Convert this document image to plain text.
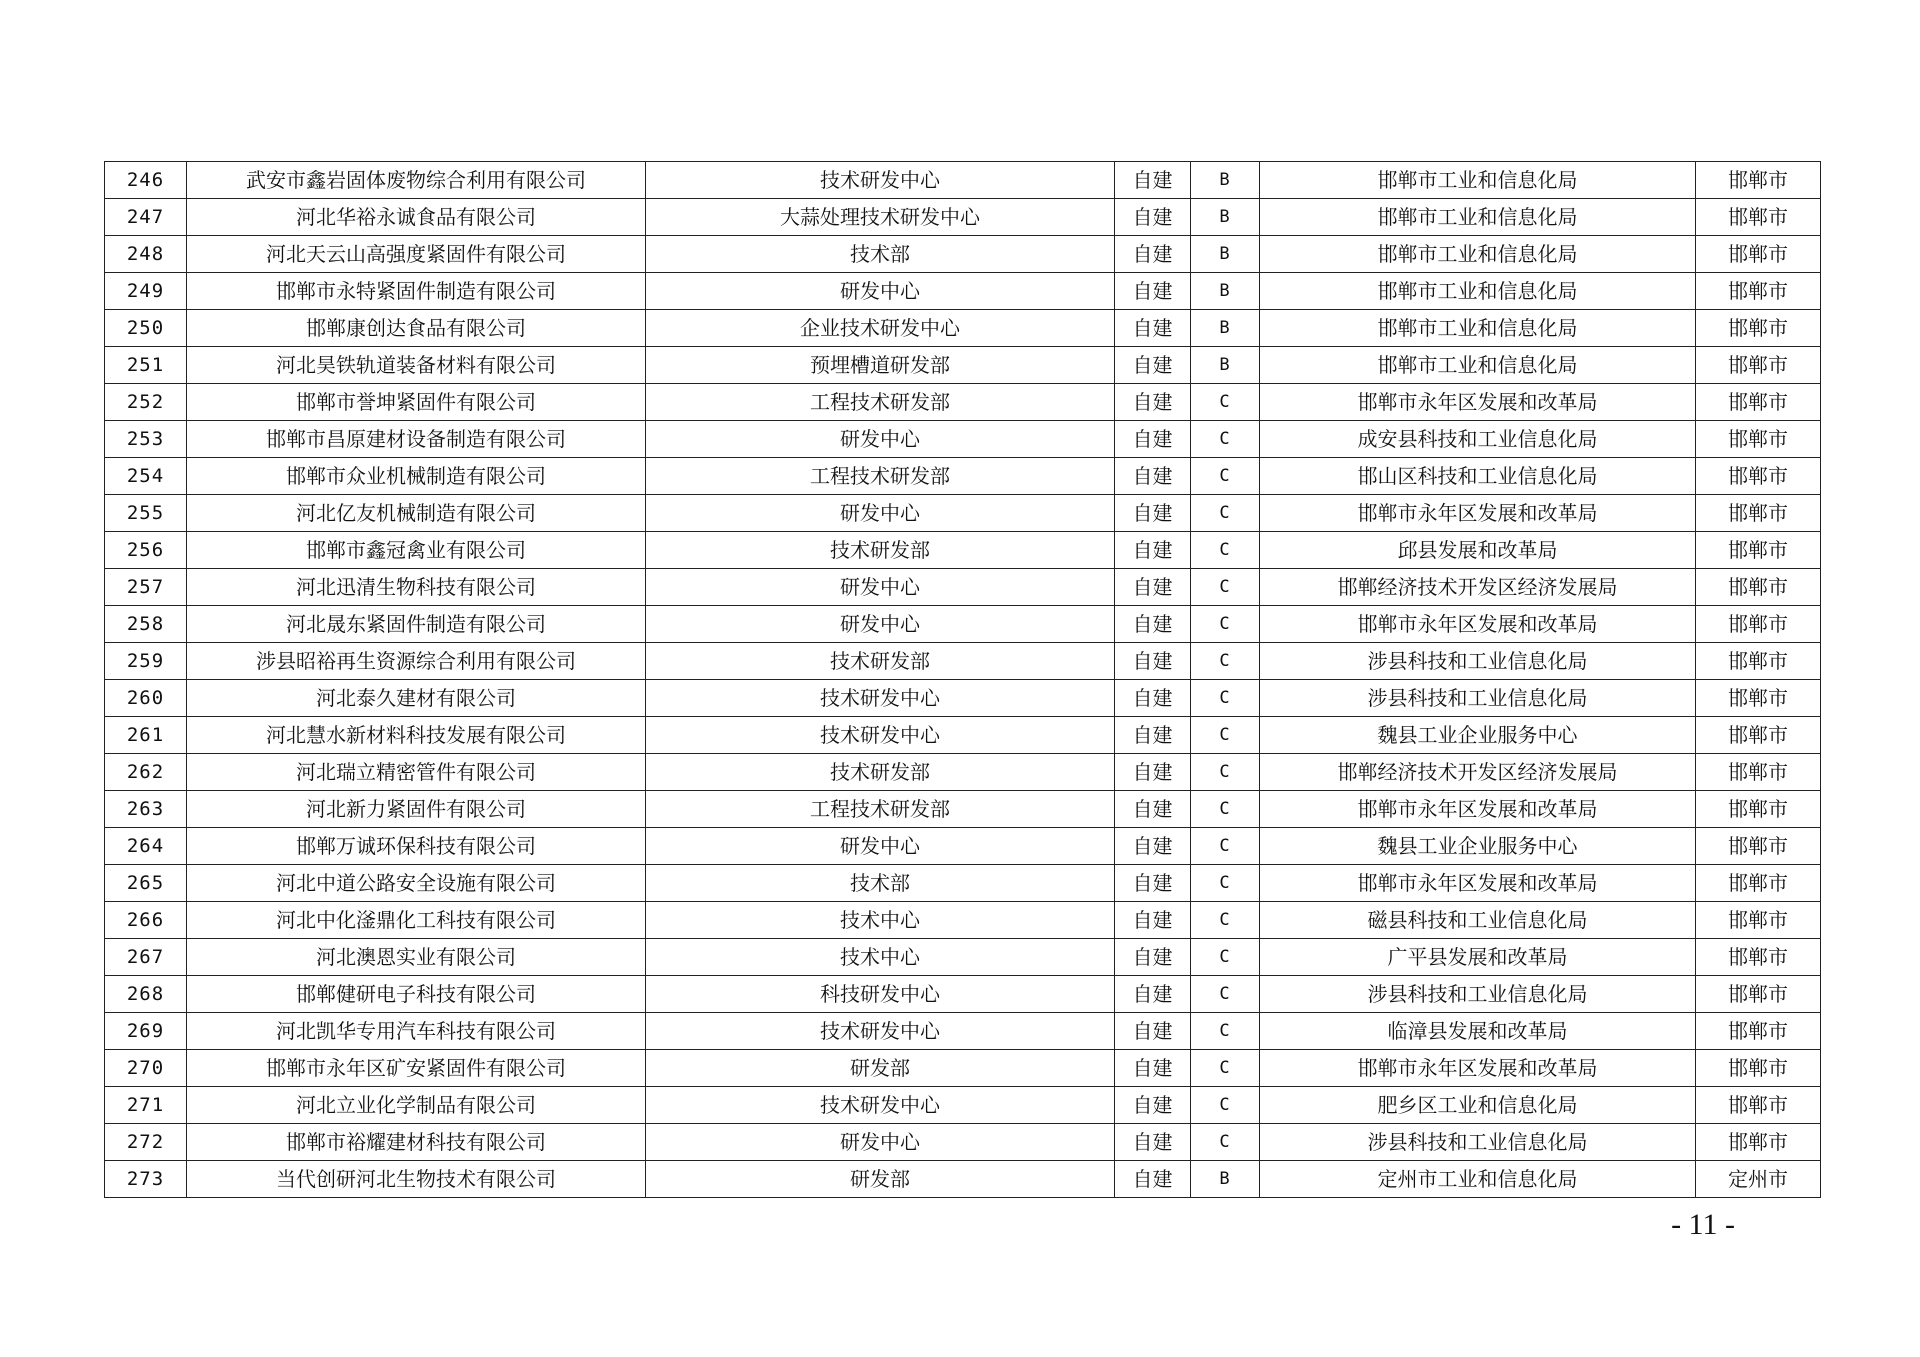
246	武安市鑫岩固体废物综合利用有限公司	技术研发中心	自建	B	邯郸市工业和信息化局	邯郸市
247	河北华裕永诚食品有限公司	大蒜处理技术研发中心	自建	B	邯郸市工业和信息化局	邯郸市
248	河北天云山高强度紧固件有限公司	技术部	自建	B	邯郸市工业和信息化局	邯郸市
249	邯郸市永特紧固件制造有限公司	研发中心	自建	B	邯郸市工业和信息化局	邯郸市
250	邯郸康创达食品有限公司	企业技术研发中心	自建	B	邯郸市工业和信息化局	邯郸市
251	河北昊铁轨道装备材料有限公司	预埋槽道研发部	自建	B	邯郸市工业和信息化局	邯郸市
252	邯郸市誉坤紧固件有限公司	工程技术研发部	自建	C	邯郸市永年区发展和改革局	邯郸市
253	邯郸市昌原建材设备制造有限公司	研发中心	自建	C	成安县科技和工业信息化局	邯郸市
254	邯郸市众业机械制造有限公司	工程技术研发部	自建	C	邯山区科技和工业信息化局	邯郸市
255	河北亿友机械制造有限公司	研发中心	自建	C	邯郸市永年区发展和改革局	邯郸市
256	邯郸市鑫冠禽业有限公司	技术研发部	自建	C	邱县发展和改革局	邯郸市
257	河北迅清生物科技有限公司	研发中心	自建	C	邯郸经济技术开发区经济发展局	邯郸市
258	河北晟东紧固件制造有限公司	研发中心	自建	C	邯郸市永年区发展和改革局	邯郸市
259	涉县昭裕再生资源综合利用有限公司	技术研发部	自建	C	涉县科技和工业信息化局	邯郸市
260	河北泰久建材有限公司	技术研发中心	自建	C	涉县科技和工业信息化局	邯郸市
261	河北慧水新材料科技发展有限公司	技术研发中心	自建	C	魏县工业企业服务中心	邯郸市
262	河北瑞立精密管件有限公司	技术研发部	自建	C	邯郸经济技术开发区经济发展局	邯郸市
263	河北新力紧固件有限公司	工程技术研发部	自建	C	邯郸市永年区发展和改革局	邯郸市
264	邯郸万诚环保科技有限公司	研发中心	自建	C	魏县工业企业服务中心	邯郸市
265	河北中道公路安全设施有限公司	技术部	自建	C	邯郸市永年区发展和改革局	邯郸市
266	河北中化滏鼎化工科技有限公司	技术中心	自建	C	磁县科技和工业信息化局	邯郸市
267	河北澳恩实业有限公司	技术中心	自建	C	广平县发展和改革局	邯郸市
268	邯郸健研电子科技有限公司	科技研发中心	自建	C	涉县科技和工业信息化局	邯郸市
269	河北凯华专用汽车科技有限公司	技术研发中心	自建	C	临漳县发展和改革局	邯郸市
270	邯郸市永年区矿安紧固件有限公司	研发部	自建	C	邯郸市永年区发展和改革局	邯郸市
271	河北立业化学制品有限公司	技术研发中心	自建	C	肥乡区工业和信息化局	邯郸市
272	邯郸市裕耀建材科技有限公司	研发中心	自建	C	涉县科技和工业信息化局	邯郸市
273	当代创研河北生物技术有限公司	研发部	自建	B	定州市工业和信息化局	定州市
- 11 -
